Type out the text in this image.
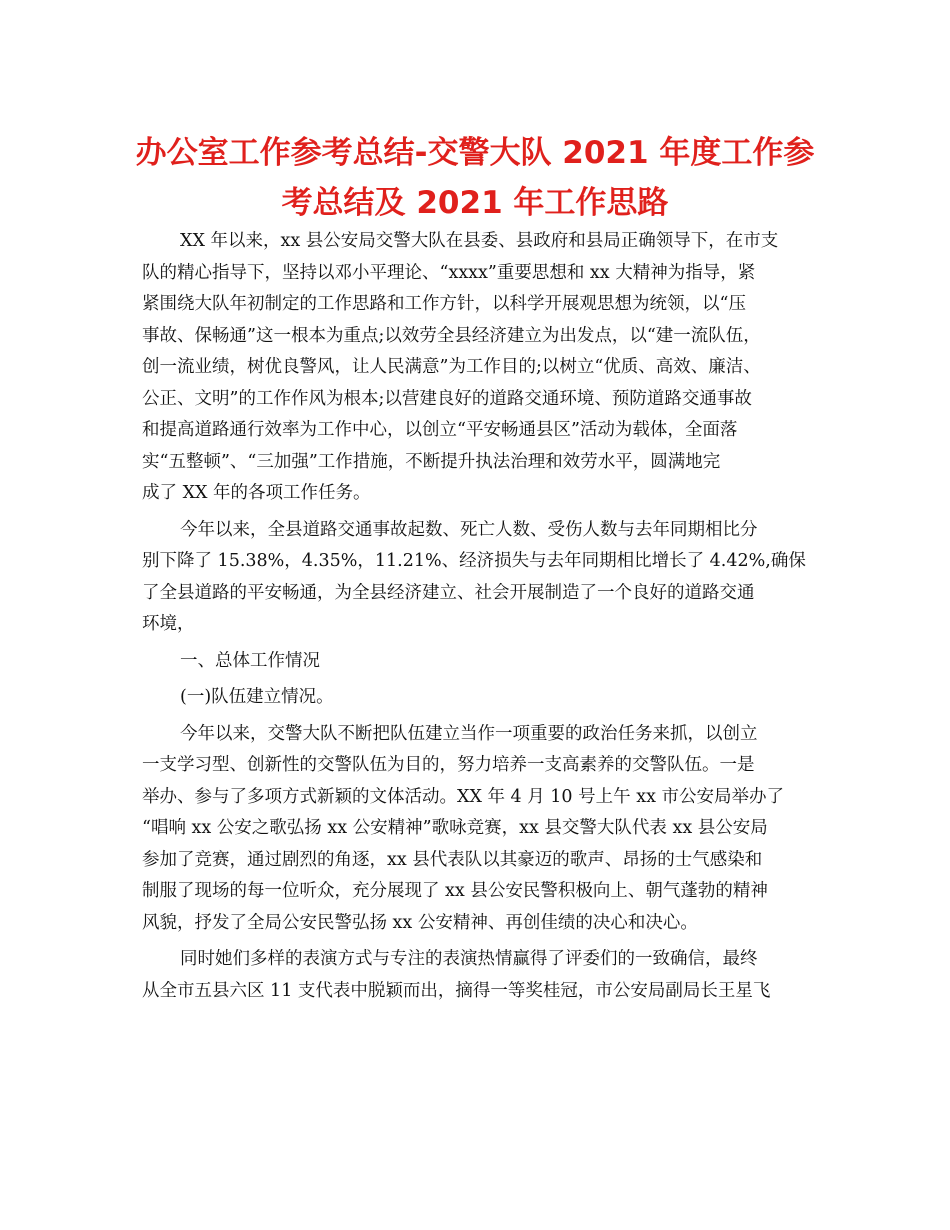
办公室工作参考总结-交警大队 2021 年度工作参
考总结及 2021 年工作思路
XX 年以来，xx 县公安局交警大队在县委、县政府和县局正确领导下，在市支
队的精心指导下，坚持以邓小平理论、“xxxx”重要思想和 xx 大精神为指导，紧
紧围绕大队年初制定的工作思路和工作方针，以科学开展观思想为统领，以“压
事故、保畅通”这一根本为重点;以效劳全县经济建立为出发点，以“建一流队伍，
创一流业绩，树优良警风，让人民满意”为工作目的;以树立“优质、高效、廉洁、
公正、文明”的工作作风为根本;以营建良好的道路交通环境、预防道路交通事故
和提高道路通行效率为工作中心，以创立“平安畅通县区”活动为载体，全面落
实“五整顿”、“三加强”工作措施，不断提升执法治理和效劳水平，圆满地完
成了 XX 年的各项工作任务。
今年以来，全县道路交通事故起数、死亡人数、受伤人数与去年同期相比分
别下降了 15.38%，4.35%，11.21%、经济损失与去年同期相比增长了 4.42%,确保
了全县道路的平安畅通，为全县经济建立、社会开展制造了一个良好的道路交通
环境，
一、总体工作情况
(一)队伍建立情况。
今年以来，交警大队不断把队伍建立当作一项重要的政治任务来抓，以创立
一支学习型、创新性的交警队伍为目的，努力培养一支高素养的交警队伍。一是
举办、参与了多项方式新颖的文体活动。XX 年 4 月 10 号上午 xx 市公安局举办了
“唱响 xx 公安之歌弘扬 xx 公安精神”歌咏竞赛，xx 县交警大队代表 xx 县公安局
参加了竞赛，通过剧烈的角逐，xx 县代表队以其豪迈的歌声、昂扬的士气感染和
制服了现场的每一位听众，充分展现了 xx 县公安民警积极向上、朝气蓬勃的精神
风貌，抒发了全局公安民警弘扬 xx 公安精神、再创佳绩的决心和决心。
同时她们多样的表演方式与专注的表演热情赢得了评委们的一致确信，最终
从全市五县六区 11 支代表中脱颖而出，摘得一等奖桂冠，市公安局副局长王星飞
